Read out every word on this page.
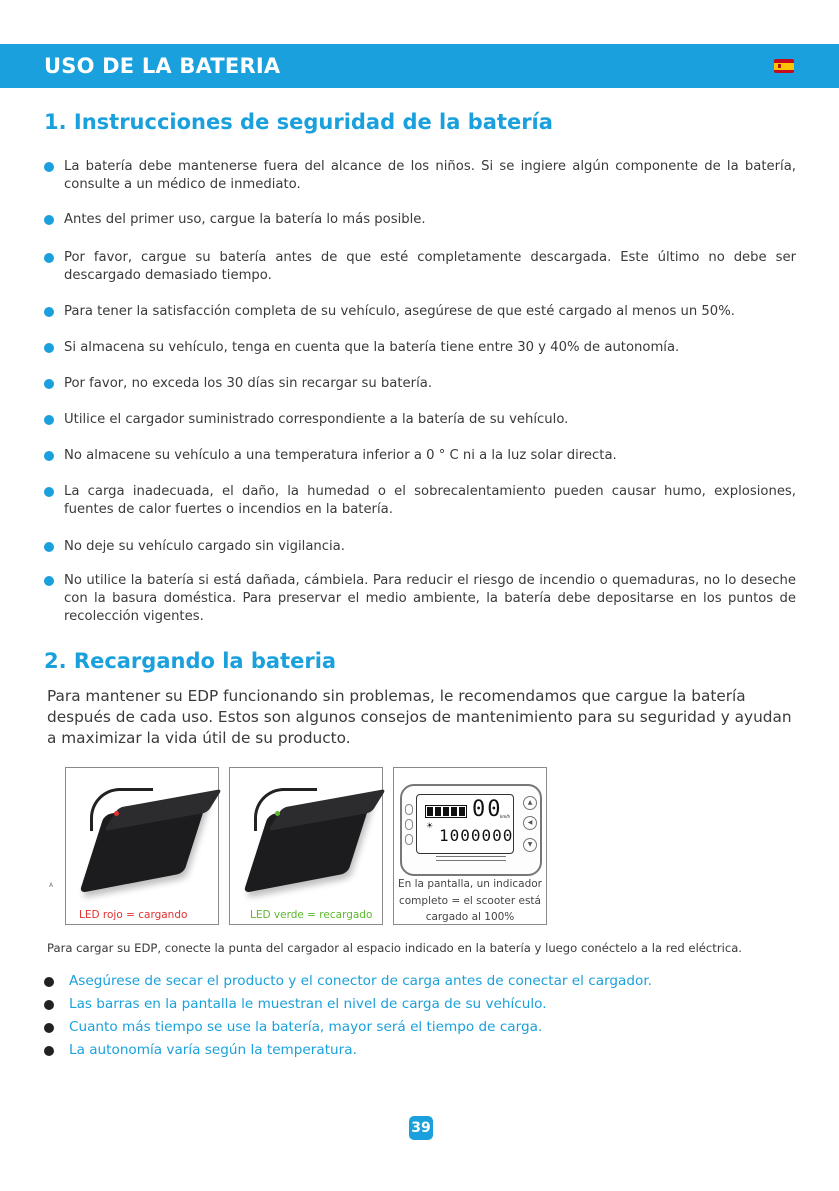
USO DE LA BATERIA
1. Instrucciones de seguridad de la batería
La batería debe mantenerse fuera del alcance de los niños. Si se ingiere algún componente de la batería, consulte a un médico de inmediato.
Antes del primer uso, cargue la batería lo más posible.
Por favor, cargue su batería antes de que esté completamente descargada. Este último no debe ser descargado demasiado tiempo.
Para tener la satisfacción completa de su vehículo, asegúrese de que esté cargado al menos un 50%.
Si almacena su vehículo, tenga en cuenta que la batería tiene entre 30 y 40% de autonomía.
Por favor, no exceda los 30 días sin recargar su batería.
Utilice el cargador suministrado correspondiente a la batería de su vehículo.
No almacene su vehículo a una temperatura inferior a 0 ° C ni a la luz solar directa.
La carga inadecuada, el daño, la humedad o el sobrecalentamiento pueden causar humo, explosiones, fuentes de calor fuertes o incendios en la batería.
No deje su vehículo cargado sin vigilancia.
No utilice la batería si está dañada, cámbiela. Para reducir el riesgo de incendio o quemaduras, no lo deseche con la basura doméstica. Para preservar el medio ambiente, la batería debe depositarse en los puntos de recolección vigentes.
2. Recargando la bateria

Para mantener su EDP funcionando sin problemas, le recomendamos que cargue la batería después de cada uso. Estos son algunos consejos de mantenimiento para su seguridad y ayudan a maximizar la vida útil de su producto.

LED rojo = cargando	LED verde = recargado
00
km/h
☀
1000000
▲
◀
▼
En la pantalla, un indicador
completo = el scooter está
cargado al 100%
A

Para cargar su EDP, conecte la punta del cargador al espacio indicado en la batería y luego conéctelo a la red eléctrica.

Asegúrese de secar el producto y el conector de carga antes de conectar el cargador.
Las barras en la pantalla le muestran el nivel de carga de su vehículo.
Cuanto más tiempo se use la batería, mayor será el tiempo de carga.
La autonomía varía según la temperatura.
39
